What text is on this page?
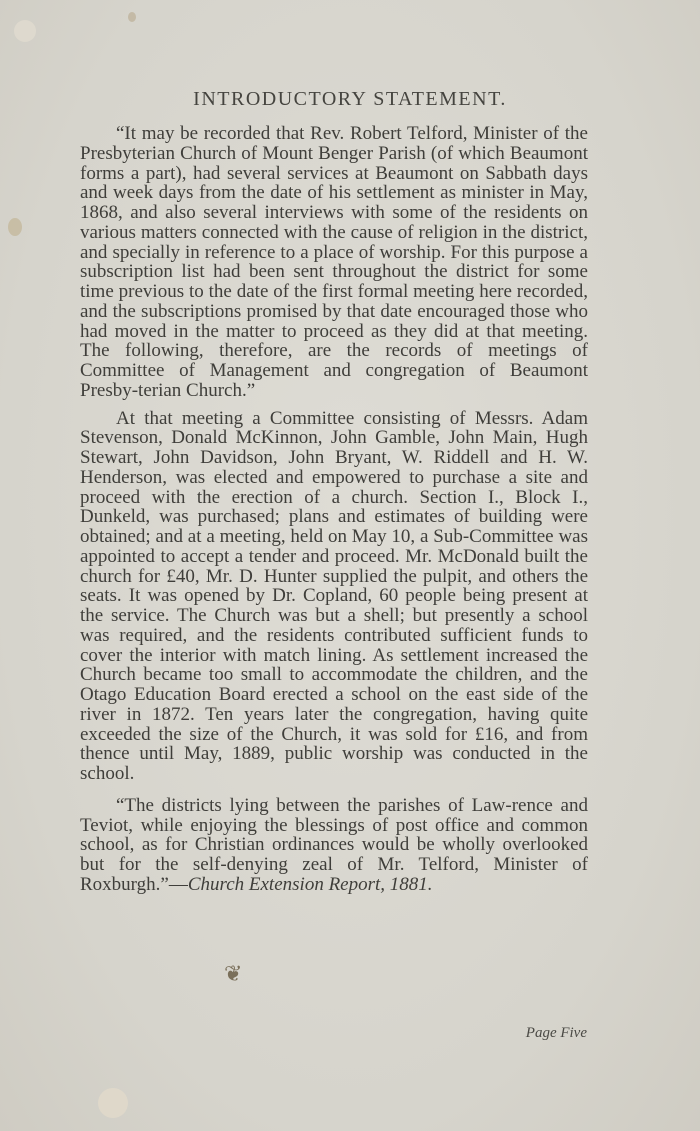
INTRODUCTORY STATEMENT.

“It may be recorded that Rev. Robert Telford, Minister of the Presbyterian Church of Mount Benger Parish (of which Beaumont forms a part), had several services at Beaumont on Sabbath days and week days from the date of his settlement as minister in May, 1868, and also several interviews with some of the residents on various matters connected with the cause of religion in the district, and specially in reference to a place of worship. For this purpose a subscription list had been sent throughout the district for some time previous to the date of the first formal meeting here recorded, and the subscriptions promised by that date encouraged those who had moved in the matter to proceed as they did at that meeting. The following, therefore, are the records of meetings of Committee of Management and congregation of Beaumont Presby-terian Church.”

At that meeting a Committee consisting of Messrs. Adam Stevenson, Donald McKinnon, John Gamble, John Main, Hugh Stewart, John Davidson, John Bryant, W. Riddell and H. W. Henderson, was elected and empowered to purchase a site and proceed with the erection of a church. Section I., Block I., Dunkeld, was purchased; plans and estimates of building were obtained; and at a meeting, held on May 10, a Sub-Committee was appointed to accept a tender and proceed. Mr. McDonald built the church for £40, Mr. D. Hunter supplied the pulpit, and others the seats. It was opened by Dr. Copland, 60 people being present at the service. The Church was but a shell; but presently a school was required, and the residents contributed sufficient funds to cover the interior with match lining. As settlement increased the Church became too small to accommodate the children, and the Otago Education Board erected a school on the east side of the river in 1872. Ten years later the congregation, having quite exceeded the size of the Church, it was sold for £16, and from thence until May, 1889, public worship was conducted in the school.

“The districts lying between the parishes of Law-rence and Teviot, while enjoying the blessings of post office and common school, as for Christian ordinances would be wholly overlooked but for the self-denying zeal of Mr. Telford, Minister of Roxburgh.”—Church Extension Report, 1881.

❦
Page Five
